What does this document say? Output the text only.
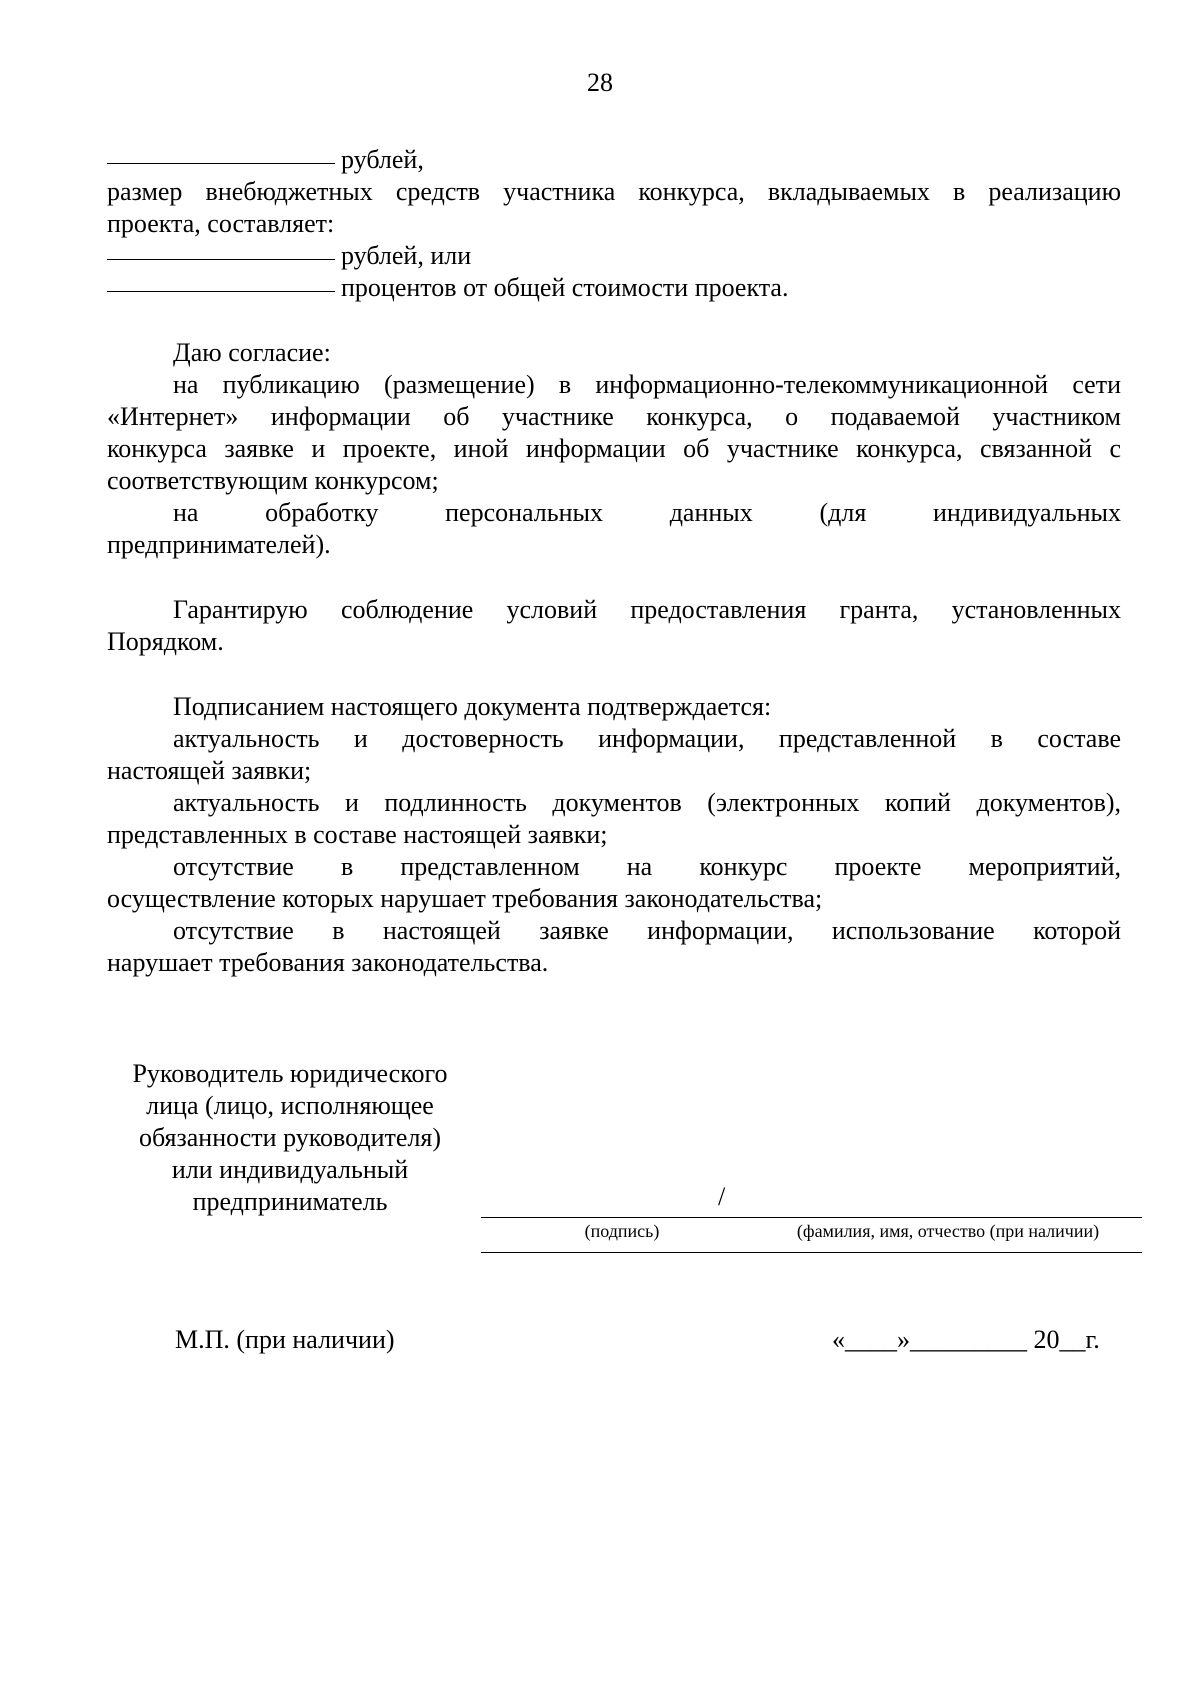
28
рублей,
размер внебюджетных средств участника конкурса, вкладываемых в реализацию
проекта, составляет:
рублей, или
процентов от общей стоимости проекта.
Даю согласие:
на публикацию (размещение) в информационно-телекоммуникационной сети
«Интернет» информации об участнике конкурса, о подаваемой участником
конкурса заявке и проекте, иной информации об участнике конкурса, связанной с
соответствующим конкурсом;
на обработку персональных данных (для индивидуальных
предпринимателей).
Гарантирую соблюдение условий предоставления гранта, установленных
Порядком.
Подписанием настоящего документа подтверждается:
актуальность и достоверность информации, представленной в составе
настоящей заявки;
актуальность и подлинность документов (электронных копий документов),
представленных в составе настоящей заявки;
отсутствие в представленном на конкурс проекте мероприятий,
осуществление которых нарушает требования законодательства;
отсутствие в настоящей заявке информации, использование которой
нарушает требования законодательства.
Руководитель юридического
лица (лицо, исполняющее
обязанности руководителя)
или индивидуальный
предприниматель	/
(подпись)	(фамилия, имя, отчество (при наличии)
М.П. (при наличии)	«____»_________ 20__г.
